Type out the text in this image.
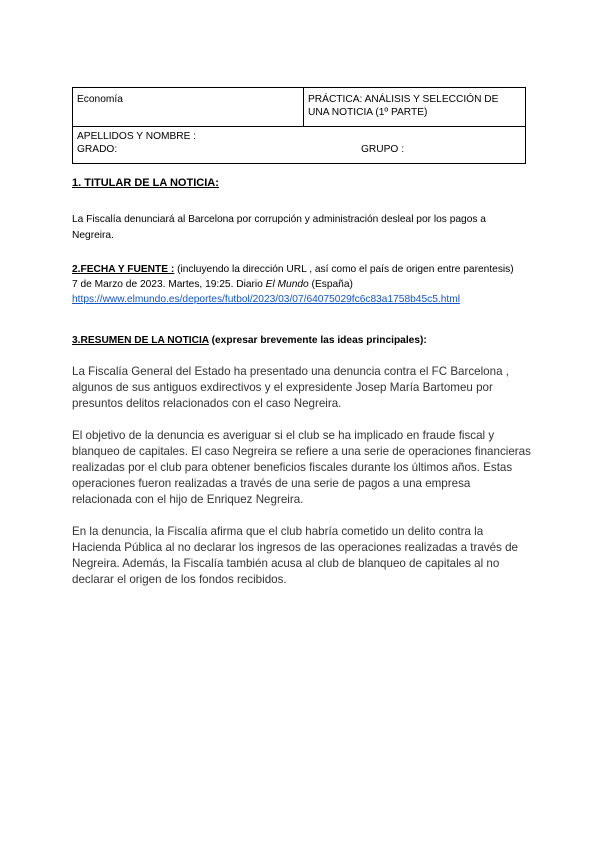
Economía	PRÁCTICA: ANÁLISIS Y SELECCIÓN DE UNA NOTICIA (1º PARTE)

APELLIDOS Y NOMBRE :
GRADO:	GRUPO :

1. TITULAR DE LA NOTICIA:

La Fiscalía denunciará al Barcelona por corrupción y administración desleal por los pagos a Negreira.

2.FECHA Y FUENTE : (incluyendo la dirección URL , así como el país de origen entre parentesis)
7 de Marzo de 2023. Martes, 19:25. Diario El Mundo (España)
https://www.elmundo.es/deportes/futbol/2023/03/07/64075029fc6c83a1758b45c5.html

3.RESUMEN DE LA NOTICIA (expresar brevemente las ideas principales):

La Fiscalía General del Estado ha presentado una denuncia contra el FC Barcelona , algunos de sus antiguos exdirectivos y el expresidente Josep María Bartomeu por presuntos delitos relacionados con el caso Negreira.

El objetivo de la denuncia es averiguar si el club se ha implicado en fraude fiscal y blanqueo de capitales. El caso Negreira se refiere a una serie de operaciones financieras realizadas por el club para obtener beneficios fiscales durante los últimos años. Estas operaciones fueron realizadas a través de una serie de pagos a una empresa relacionada con el hijo de Enriquez Negreira.

En la denuncia, la Fiscalía afirma que el club habría cometido un delito contra la Hacienda Pública al no declarar los ingresos de las operaciones realizadas a través de Negreira. Además, la Fiscalía también acusa al club de blanqueo de capitales al no declarar el origen de los fondos recibidos.
